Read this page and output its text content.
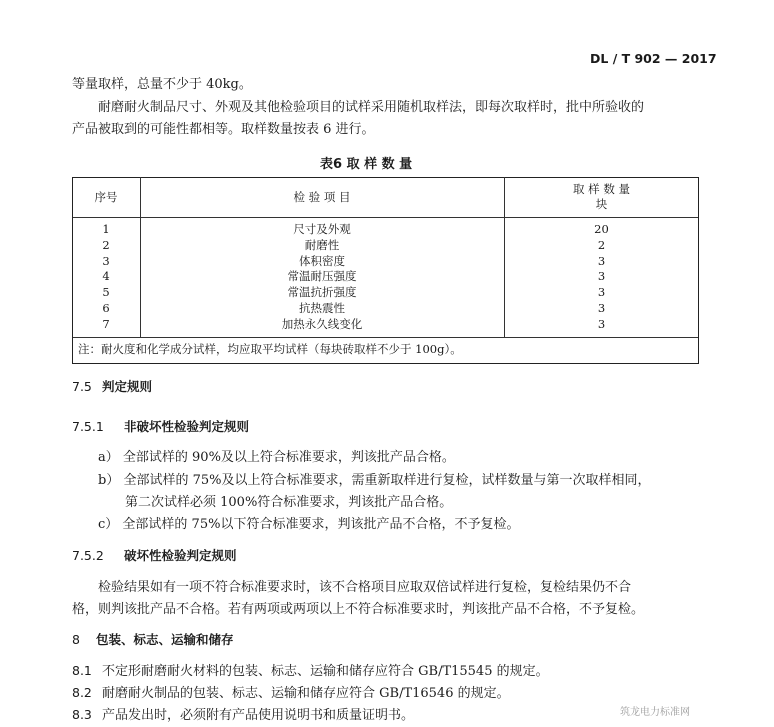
DL / T 902 — 2017
等量取样，总量不少于 40kg。
耐磨耐火制品尺寸、外观及其他检验项目的试样采用随机取样法，即每次取样时，批中所验收的
产品被取到的可能性都相等。取样数量按表 6 进行。
表6 取 样 数 量
序号	检 验 项 目	取 样 数 量
块

1	尺寸及外观	20
2	耐磨性	2
3	体积密度	3
4	常温耐压强度	3
5	常温抗折强度	3
6	抗热震性	3
7	加热永久线变化	3
注：耐火度和化学成分试样，均应取平均试样（每块砖取样不少于 100g）。		
7.5 判定规则
7.5.1 非破坏性检验判定规则
a） 全部试样的 90%及以上符合标准要求，判该批产品合格。
b） 全部试样的 75%及以上符合标准要求，需重新取样进行复检，试样数量与第一次取样相同，
第二次试样必须 100%符合标准要求，判该批产品合格。
c） 全部试样的 75%以下符合标准要求，判该批产品不合格，不予复检。
7.5.2 破坏性检验判定规则
检验结果如有一项不符合标准要求时，该不合格项目应取双倍试样进行复检，复检结果仍不合
格，则判该批产品不合格。若有两项或两项以上不符合标准要求时，判该批产品不合格，不予复检。
8 包装、标志、运输和储存
8.1 不定形耐磨耐火材料的包装、标志、运输和储存应符合 GB/T15545 的规定。
8.2 耐磨耐火制品的包装、标志、运输和储存应符合 GB/T16546 的规定。
8.3 产品发出时，必须附有产品使用说明书和质量证明书。	筑龙电力标准网
